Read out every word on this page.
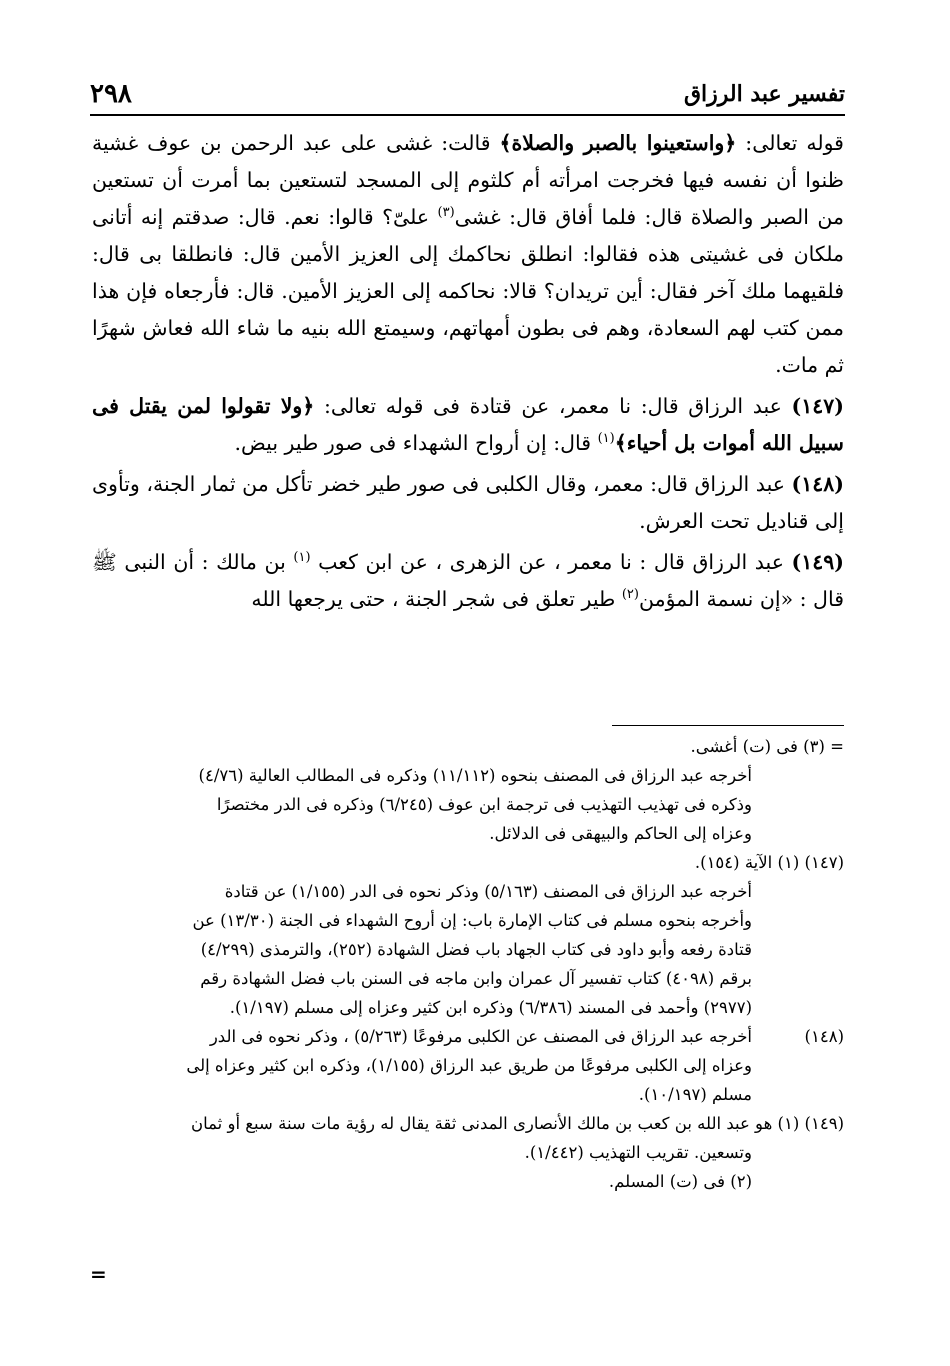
تفسير عبد الرزاق
٢٩٨

قوله تعالى: ﴿واستعينوا بالصبر والصلاة﴾ قالت: غشى على عبد الرحمن بن عوف غشية ظنوا أن نفسه فيها فخرجت امرأته أم كلثوم إلى المسجد لتستعين بما أمرت أن تستعين من الصبر والصلاة قال: فلما أفاق قال: غشى$^{(٣)}$ علىّ؟ قالوا: نعم. قال: صدقتم إنه أتانى ملكان فى غشيتى هذه فقالوا: انطلق نحاكمك إلى العزيز الأمين قال: فانطلقا بى قال: فلقيهما ملك آخر فقال: أين تريدان؟ قالا: نحاكمه إلى العزيز الأمين. قال: فأرجعاه فإن هذا ممن كتب لهم السعادة، وهم فى بطون أمهاتهم، وسيمتع الله بنيه ما شاء الله فعاش شهرًا ثم مات.

(١٤٧) عبد الرزاق قال: نا معمر، عن قتادة فى قوله تعالى: ﴿ولا تقولوا لمن يقتل فى سبيل الله أموات بل أحياء﴾$^{(١)}$ قال: إن أرواح الشهداء فى صور طير بيض.

(١٤٨) عبد الرزاق قال: معمر، وقال الكلبى فى صور طير خضر تأكل من ثمار الجنة، وتأوى إلى قناديل تحت العرش.

(١٤٩) عبد الرزاق قال : نا معمر ، عن الزهرى ، عن ابن كعب $^{(١)}$ بن مالك : أن النبى ﷺ قال : «إن نسمة المؤمن$^{(٢)}$ طير تعلق فى شجر الجنة ، حتى يرجعها الله

= (٣) فى (ت) أغشى.
أخرجه عبد الرزاق فى المصنف بنحوه (١١/١١٢) وذكره فى المطالب العالية (٤/٧٦)
وذكره فى تهذيب التهذيب فى ترجمة ابن عوف (٦/٢٤٥) وذكره فى الدر مختصرًا
وعزاه إلى الحاكم والبيهقى فى الدلائل.
(١٤٧) (١) الآية (١٥٤).
أخرجه عبد الرزاق فى المصنف (٥/١٦٣) وذكر نحوه فى الدر (١/١٥٥) عن قتادة
وأخرجه بنحوه مسلم فى كتاب الإمارة باب: إن أروح الشهداء فى الجنة (١٣/٣٠) عن
قتادة رفعه وأبو داود فى كتاب الجهاد باب فضل الشهادة (٢٥٢)، والترمذى (٤/٢٩٩)
برقم (٤٠٩٨) كتاب تفسير آل عمران وابن ماجه فى السنن باب فضل الشهادة رقم
(٢٩٧٧) وأحمد فى المسند (٦/٣٨٦) وذكره ابن كثير وعزاه إلى مسلم (١/١٩٧).
(١٤٨)
أخرجه عبد الرزاق فى المصنف عن الكلبى مرفوعًا (٥/٢٦٣) ، وذكر نحوه فى الدر
وعزاه إلى الكلبى مرفوعًا من طريق عبد الرزاق (١/١٥٥)، وذكره ابن كثير وعزاه إلى
مسلم (١٠/١٩٧).
(١٤٩) (١) هو عبد الله بن كعب بن مالك الأنصارى المدنى ثقة يقال له رؤية مات سنة سبع أو ثمان
وتسعين. تقريب التهذيب (١/٤٤٢).
(٢) فى (ت) المسلم.
=
